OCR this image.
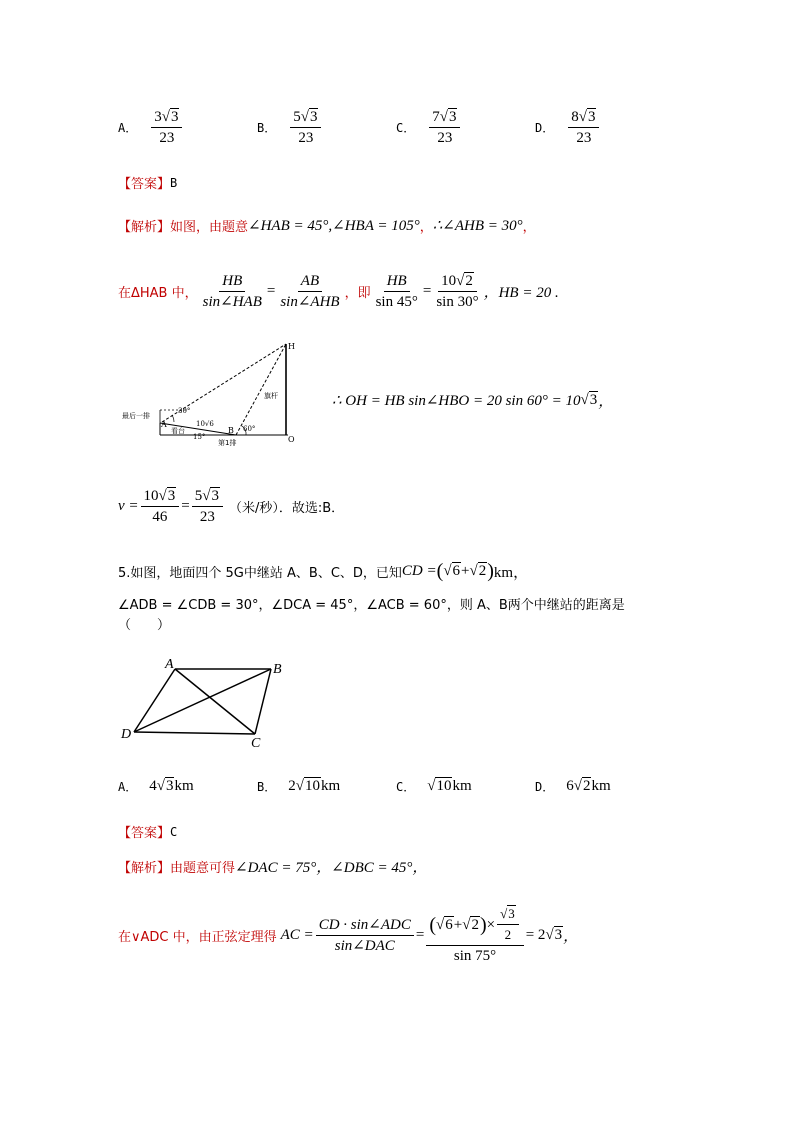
A． $\frac{3√3}{23}$	B． $\frac{5√3}{23}$	C． $\frac{7√3}{23}$	D． $\frac{8√3}{23}$
【答案】 B
【解析】 如图，由题意 ∠HAB = 45°,∠HBA = 105° ， ∴∠AHB = 30° ，
在ΔHAB 中， $\frac{HB}{\text{sin∠HAB}} = \frac{AB}{\text{sin∠AHB}}$ ，即 $\frac{HB}{\sin 45^\circ} = \frac{10√2}{\sin 30^\circ}$ ，HB = 20 .
H
O
A
B
旗杆
最后一排
看台
第1排
30°
60°
15°
10√6
∴ OH = HB sin∠HBO = 20 sin 60° = 10 √3 ，
$v = \frac{10√3}{46} = \frac{5√3}{23}$ （米/秒）．故选:B．
5.如图，地面四个 5G中继站 A、B、C、D，已知 CD = ( √6 + √2 ) km，
∠ADB = ∠CDB = 30°，∠DCA = 45°，∠ACB = 60°，则 A、B两个中继站的距离是
（　　）
A	B
C
D
A． 4√3km	B． 2√10km	C． √10km	D． 6√2km
【答案】 C
【解析】 由题意可得 ∠DAC = 75°，∠DBC = 45°，
在∨ADC 中，由正弦定理得 AC = $\frac{\text{CD · sin∠ADC}}{\text{sin∠DAC}} = \frac{( √6 + √2 ) \times \frac{√3}{2}}{\sin 75^\circ} = 2$ √3 ，
